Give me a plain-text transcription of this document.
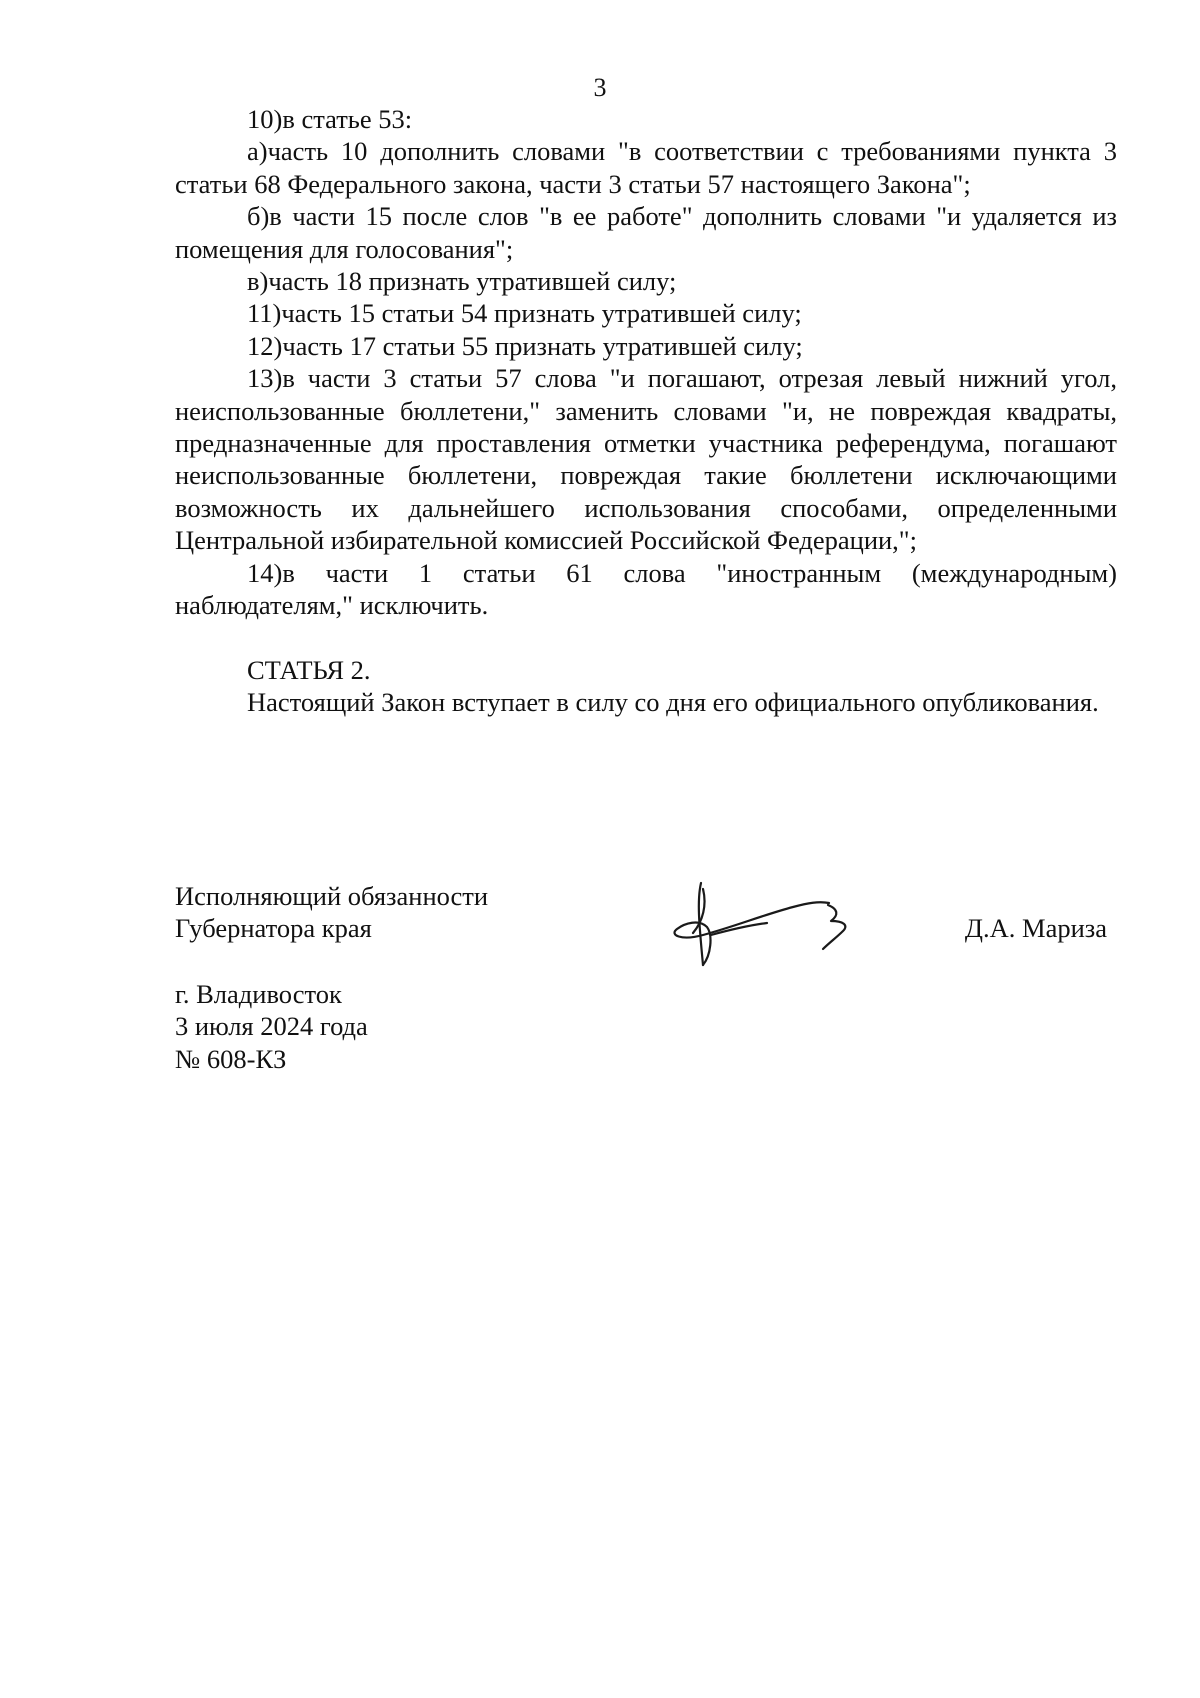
3

10)в статье 53:

а)часть 10 дополнить словами "в соответствии с требованиями пункта 3 статьи 68 Федерального закона, части 3 статьи 57 настоящего Закона";

б)в части 15 после слов "в ее работе" дополнить словами "и удаляется из помещения для голосования";

в)часть 18 признать утратившей силу;

11)часть 15 статьи 54 признать утратившей силу;

12)часть 17 статьи 55 признать утратившей силу;

13)в части 3 статьи 57 слова "и погашают, отрезая левый нижний угол, неиспользованные бюллетени," заменить словами "и, не повреждая квадраты, предназначенные для проставления отметки участника референдума, погашают неиспользованные бюллетени, повреждая такие бюллетени исключающими возможность их дальнейшего использования способами, определенными Центральной избирательной комиссией Российской Федерации,";

14)в части 1 статьи 61 слова "иностранным (международным) наблюдателям," исключить.

СТАТЬЯ 2.

Настоящий Закон вступает в силу со дня его официального опубликования.

Исполняющий обязанности
Губернатора края	Д.А. Мариза
г. Владивосток
3 июля 2024 года
№ 608-КЗ
